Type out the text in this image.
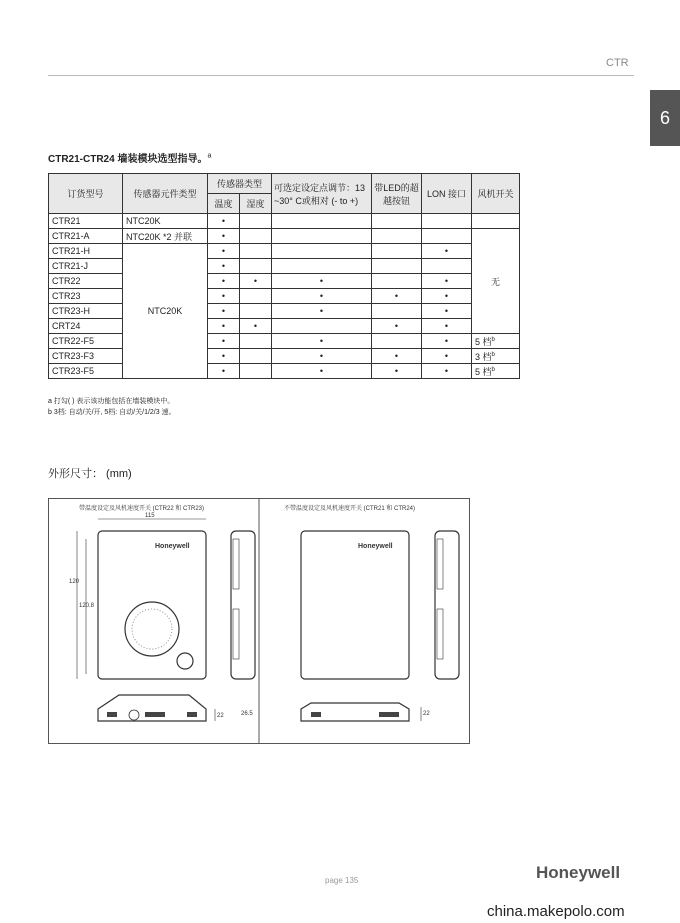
CTR
6
CTR21-CTR24 墙装模块选型指导。$^a$
订货型号	传感器元件类型	传感器类型		可选定设定点调节：13 ~30° C或相对 (- to +)	带LED的超越按钮	LON 接口	风机开关
		温度	湿度				
CTR21	NTC20K	•					
CTR21-A	NTC20K *2 并联	•					无
CTR21-H	NTC20K	•				•	
CTR21-J		•					
CTR22		•	•	•		•	
CTR23		•		•	•	•	
CTR23-H		•		•		•	
CRT24		•	•		•	•	
CTR22-F5		•		•		•	5 档$^b$
CTR23-F3		•		•	•	•	3 档$^b$
CTR23-F5		•		•	•	•	5 档$^b$
a 打勾( ) 表示该功能包括在墙装模块中。
b 3档: 自动/关/开, 5档: 自动/关/1/2/3 速。
外形尺寸： (mm)
带温度设定及风机速度开关 (CTR22 和 CTR23)	不带温度设定及风机速度开关 (CTR21 和 CTR24)
115
120
120.8
26.5
22	22
Honeywell	Honeywell
page 135	Honeywell
china.makepolo.com
